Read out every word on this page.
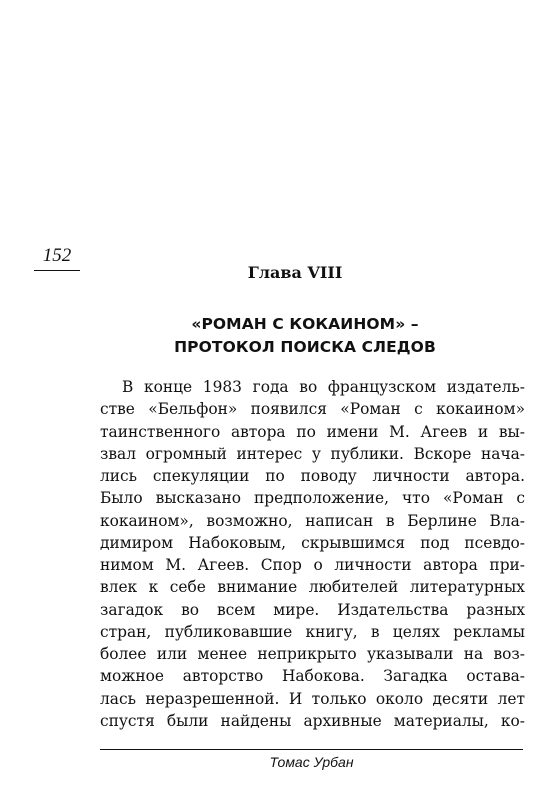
152
Глава VIII
«РОМАН С КОКАИНОМ» –
ПРОТОКОЛ ПОИСКА СЛЕДОВ
В конце 1983 года во французском издатель-
стве «Бельфон» появился «Роман с кокаином»
таинственного автора по имени М. Агеев и вы-
звал огромный интерес у публики. Вскоре нача-
лись спекуляции по поводу личности автора.
Было высказано предположение, что «Роман с
кокаином», возможно, написан в Берлине Вла-
димиром Набоковым, скрывшимся под псевдо-
нимом М. Агеев. Спор о личности автора при-
влек к себе внимание любителей литературных
загадок во всем мире. Издательства разных
стран, публиковавшие книгу, в целях рекламы
более или менее неприкрыто указывали на воз-
можное авторство Набокова. Загадка остава-
лась неразрешенной. И только около десяти лет
спустя были найдены архивные материалы, ко-
Томас Урбан
